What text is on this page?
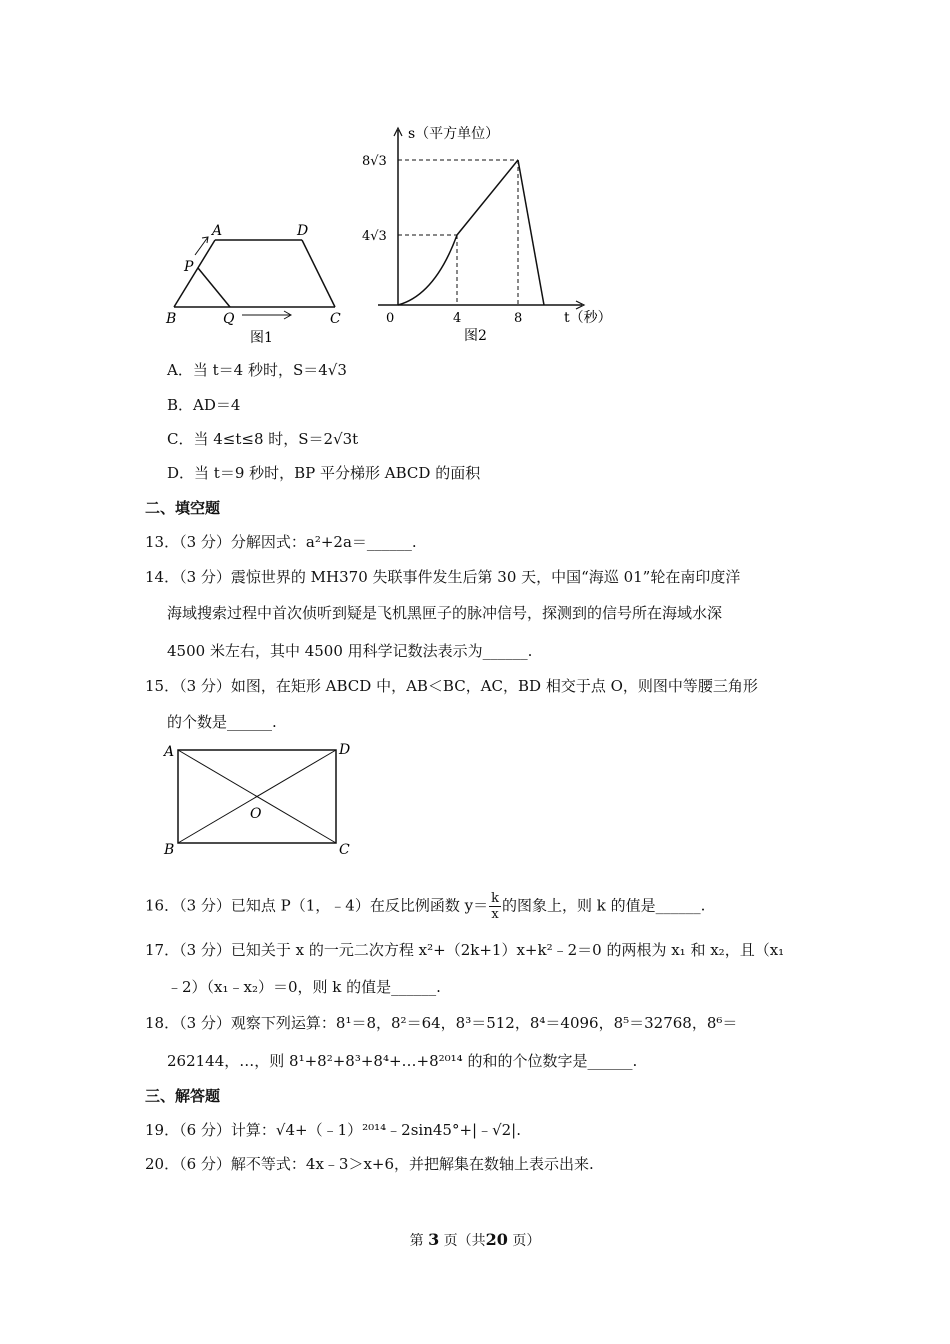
A	D
P
B	Q	C
图1
s（平方单位）
8√3
4√3
0	4	8	t（秒）
图2
A．当 t＝4 秒时，S＝4√3
B．AD＝4
C．当 4≤t≤8 时，S＝2√3t
D．当 t＝9 秒时，BP 平分梯形 ABCD 的面积
二、填空题
13．（3 分）分解因式：a²+2a＝______.
14．（3 分）震惊世界的 MH370 失联事件发生后第 30 天，中国“海巡 01”轮在南印度洋
海域搜索过程中首次侦听到疑是飞机黑匣子的脉冲信号，探测到的信号所在海域水深
4500 米左右，其中 4500 用科学记数法表示为______.
15．（3 分）如图，在矩形 ABCD 中，AB＜BC，AC，BD 相交于点 O，则图中等腰三角形
的个数是______.
A	D
O
B	C
16．（3 分）已知点 P（1，﹣4）在反比例函数 $y= \frac{k}{x}$ 的图象上，则 k 的值是______.
17．（3 分）已知关于 x 的一元二次方程 x²+（2k+1）x+k²﹣2＝0 的两根为 x₁ 和 x₂，且（x₁
﹣2）（x₁﹣x₂）＝0，则 k 的值是______.
18．（3 分）观察下列运算：8¹＝8，8²＝64，8³＝512，8⁴＝4096，8⁵＝32768，8⁶＝
262144，…，则 8¹+8²+8³+8⁴+…+8²⁰¹⁴ 的和的个位数字是______.
三、解答题
19．（6 分）计算：√4+（﹣1）²⁰¹⁴﹣2sin45°+|﹣√2|.
20．（6 分）解不等式：4x﹣3＞x+6，并把解集在数轴上表示出来.
第 3 页（共20 页）
